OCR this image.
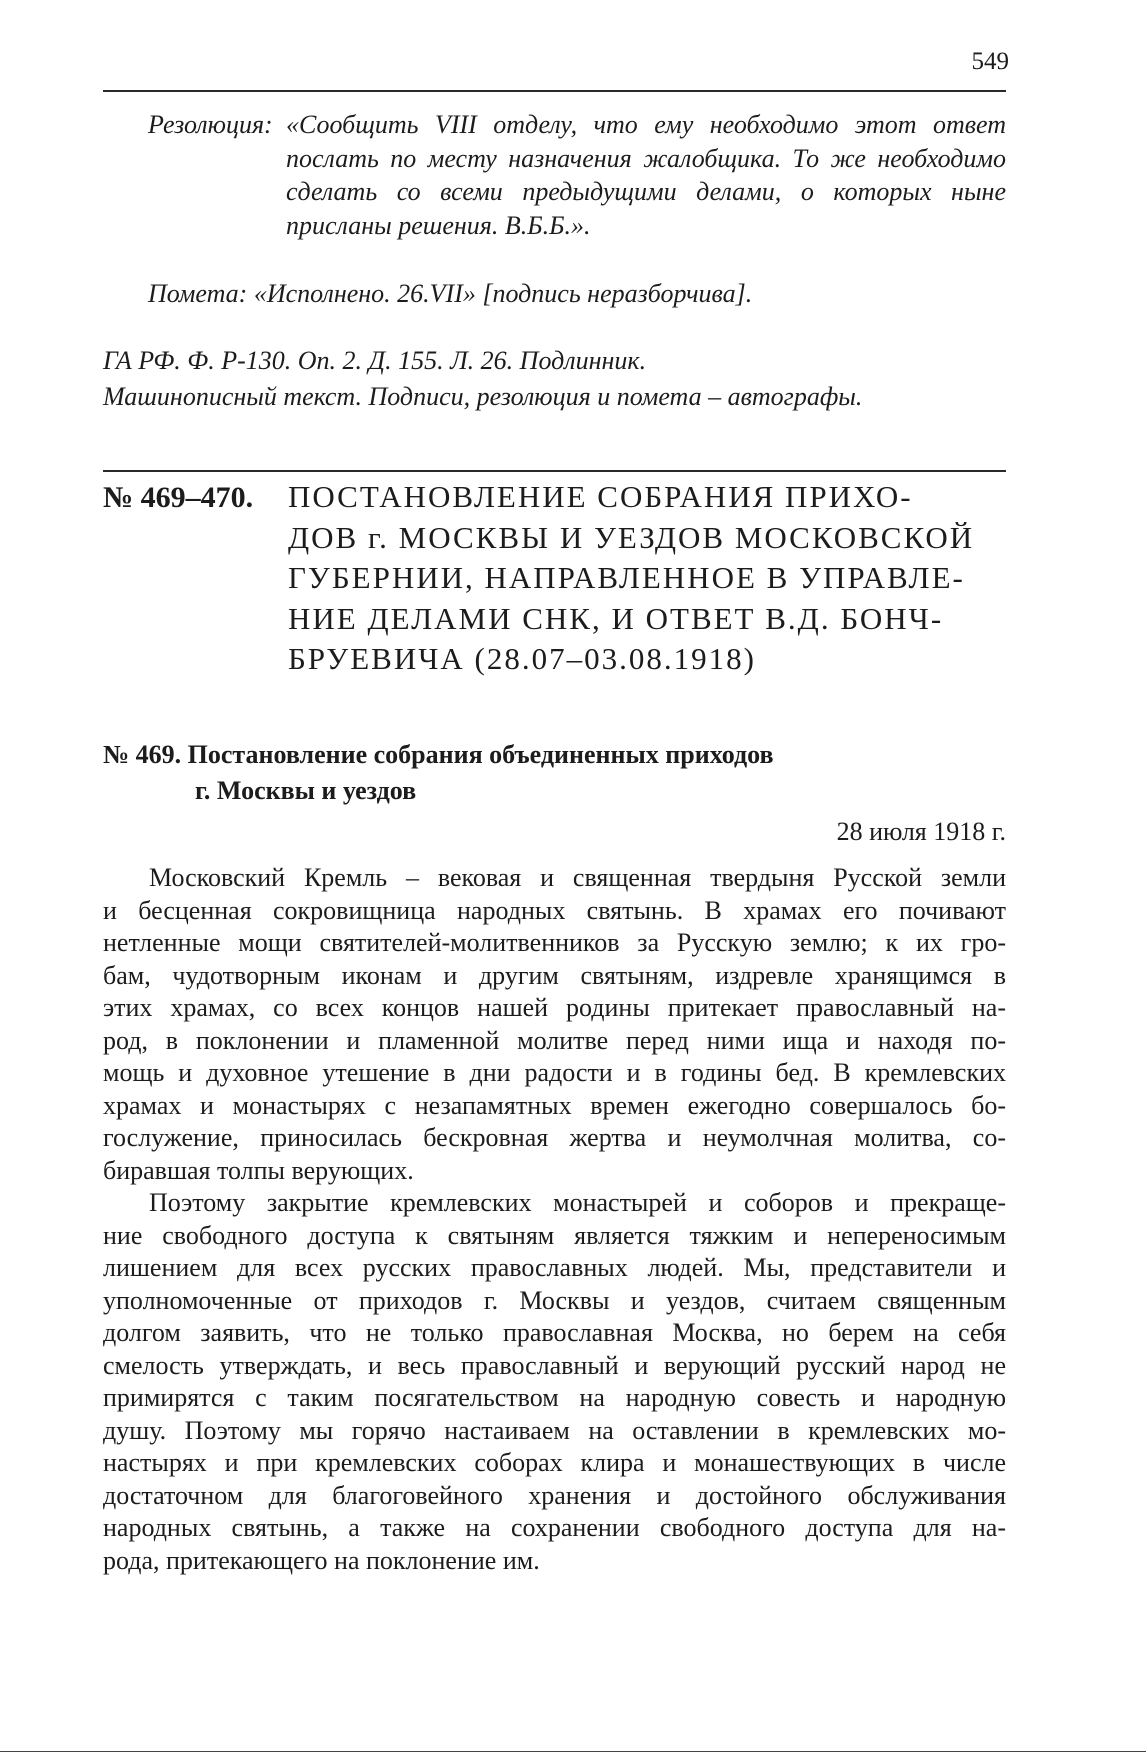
549
Резолюция: «Сообщить VIII отделу, что ему необходимо этот ответ послать по месту назначения жалобщика. То же необходимо сделать со всеми предыдущими делами, о которых ныне присланы решения. В.Б.Б.».
Помета: «Исполнено. 26.VII» [подпись неразборчива].
ГА РФ. Ф. Р-130. Оп. 2. Д. 155. Л. 26. Подлинник.
Машинописный текст. Подписи, резолюция и помета – автографы.
№ 469–470. ПОСТАНОВЛЕНИЕ СОБРАНИЯ ПРИХО-
ДОВ г. МОСКВЫ И УЕЗДОВ МОСКОВСКОЙ
ГУБЕРНИИ, НАПРАВЛЕННОЕ В УПРАВЛЕ-
НИЕ ДЕЛАМИ СНК, И ОТВЕТ В.Д. БОНЧ-
БРУЕВИЧА (28.07–03.08.1918)
№ 469. Постановление собрания объединенных приходов
г. Москвы и уездов
28 июля 1918 г.
Московский Кремль – вековая и священная твердыня Русской земли
и бесценная сокровищница народных святынь. В храмах его почивают
нетленные мощи святителей-молитвенников за Русскую землю; к их гро-
бам, чудотворным иконам и другим святыням, издревле хранящимся в
этих храмах, со всех концов нашей родины притекает православный на-
род, в поклонении и пламенной молитве перед ними ища и находя по-
мощь и духовное утешение в дни радости и в годины бед. В кремлевских
храмах и монастырях с незапамятных времен ежегодно совершалось бо-
гослужение, приносилась бескровная жертва и неумолчная молитва, со-
биравшая толпы верующих.
Поэтому закрытие кремлевских монастырей и соборов и прекраще-
ние свободного доступа к святыням является тяжким и непереносимым
лишением для всех русских православных людей. Мы, представители и
уполномоченные от приходов г. Москвы и уездов, считаем священным
долгом заявить, что не только православная Москва, но берем на себя
смелость утверждать, и весь православный и верующий русский народ не
примирятся с таким посягательством на народную совесть и народную
душу. Поэтому мы горячо настаиваем на оставлении в кремлевских мо-
настырях и при кремлевских соборах клира и монашествующих в числе
достаточном для благоговейного хранения и достойного обслуживания
народных святынь, а также на сохранении свободного доступа для на-
рода, притекающего на поклонение им.
